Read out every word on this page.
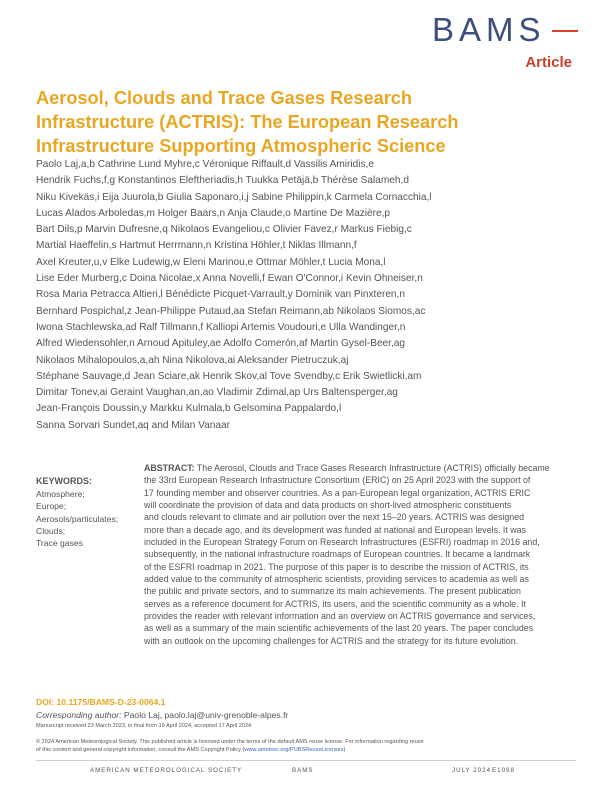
BAMS
Article
Aerosol, Clouds and Trace Gases Research
Infrastructure (ACTRIS): The European Research
Infrastructure Supporting Atmospheric Science
Paolo Laj,a,b Cathrine Lund Myhre,c Véronique Riffault,d Vassilis Amiridis,e
Hendrik Fuchs,f,g Konstantinos Eleftheriadis,h Tuukka Petäjä,b Thérèse Salameh,d
Niku Kivekäs,i Eija Juurola,b Giulia Saponaro,i,j Sabine Philippin,k Carmela Cornacchia,l
Lucas Alados Arboledas,m Holger Baars,n Anja Claude,o Martine De Mazière,p
Bart Dils,p Marvin Dufresne,q Nikolaos Evangeliou,c Olivier Favez,r Markus Fiebig,c
Martial Haeffelin,s Hartmut Herrmann,n Kristina Höhler,t Niklas Illmann,f
Axel Kreuter,u,v Elke Ludewig,w Eleni Marinou,e Ottmar Möhler,t Lucia Mona,l
Lise Eder Murberg,c Doina Nicolae,x Anna Novelli,f Ewan O'Connor,i Kevin Ohneiser,n
Rosa Maria Petracca Altieri,l Bénédicte Picquet-Varrault,y Dominik van Pinxteren,n
Bernhard Pospichal,z Jean-Philippe Putaud,aa Stefan Reimann,ab Nikolaos Siomos,ac
Iwona Stachlewska,ad Ralf Tillmann,f Kalliopi Artemis Voudouri,e Ulla Wandinger,n
Alfred Wiedensohler,n Arnoud Apituley,ae Adolfo Comerón,af Martin Gysel-Beer,ag
Nikolaos Mihalopoulos,a,ah Nina Nikolova,ai Aleksander Pietruczuk,aj
Stéphane Sauvage,d Jean Sciare,ak Henrik Skov,al Tove Svendby,c Erik Swietlicki,am
Dimitar Tonev,ai Geraint Vaughan,an,ao Vladimir Zdimal,ap Urs Baltensperger,ag
Jean-François Doussin,y Markku Kulmala,b Gelsomina Pappalardo,l
Sanna Sorvari Sundet,aq and Milan Vanaar
KEYWORDS:
Atmosphere;
Europe;
Aerosols/particulates;
Clouds;
Trace gases
ABSTRACT: The Aerosol, Clouds and Trace Gases Research Infrastructure (ACTRIS) officially became
the 33rd European Research Infrastructure Consortium (ERIC) on 25 April 2023 with the support of
17 founding member and observer countries. As a pan-European legal organization, ACTRIS ERIC
will coordinate the provision of data and data products on short-lived atmospheric constituents
and clouds relevant to climate and air pollution over the next 15–20 years. ACTRIS was designed
more than a decade ago, and its development was funded at national and European levels. It was
included in the European Strategy Forum on Research Infrastructures (ESFRI) roadmap in 2016 and,
subsequently, in the national infrastructure roadmaps of European countries. It became a landmark
of the ESFRI roadmap in 2021. The purpose of this paper is to describe the mission of ACTRIS, its
added value to the community of atmospheric scientists, providing services to academia as well as
the public and private sectors, and to summarize its main achievements. The present publication
serves as a reference document for ACTRIS, its users, and the scientific community as a whole. It
provides the reader with relevant information and an overview on ACTRIS governance and services,
as well as a summary of the main scientific achievements of the last 20 years. The paper concludes
with an outlook on the upcoming challenges for ACTRIS and the strategy for its future evolution.
DOI: 10.1175/BAMS-D-23-0064.1
Corresponding author: Paolo Laj, paolo.laj@univ-grenoble-alpes.fr
Manuscript received 23 March 2023, in final form 19 April 2024, accepted 17 April 2024
© 2024 American Meteorological Society. This published article is licensed under the terms of the default AMS reuse license. For information regarding reuse
of this content and general copyright information, consult the AMS Copyright Policy (www.ametsoc.org/PUBSReuseLicenses).
AMERICAN METEOROLOGICAL SOCIETY	BAMS	JULY 2024 E1098
